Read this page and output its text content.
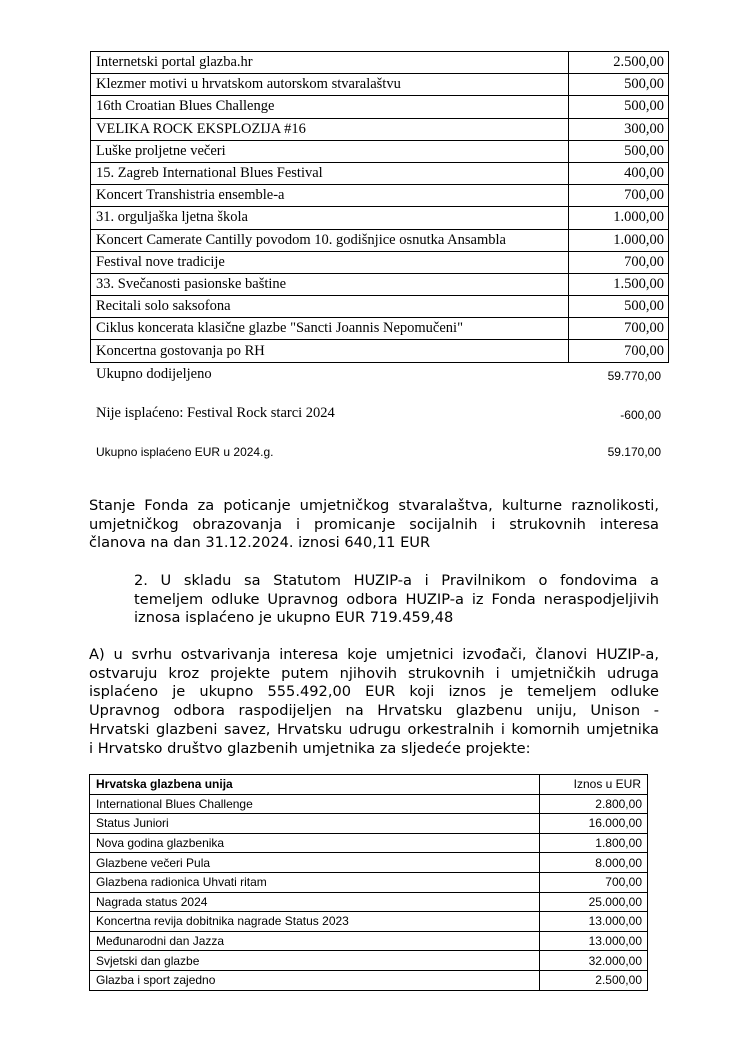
Internetski portal glazba.hr	2.500,00
Klezmer motivi u hrvatskom autorskom stvaralaštvu	500,00
16th Croatian Blues Challenge	500,00
VELIKA ROCK EKSPLOZIJA #16	300,00
Luške proljetne večeri	500,00
15. Zagreb International Blues Festival	400,00
Koncert Transhistria ensemble-a	700,00
31. orguljaška ljetna škola	1.000,00
Koncert Camerate Cantilly povodom 10. godišnjice osnutka Ansambla	1.000,00
Festival nove tradicije	700,00
33. Svečanosti pasionske baštine	1.500,00
Recitali solo saksofona	500,00
Ciklus koncerata klasične glazbe "Sancti Joannis Nepomučeni"	700,00
Koncertna gostovanja po RH	700,00
Ukupno dodijeljeno	59.770,00
Nije isplaćeno: Festival Rock starci 2024	-600,00
Ukupno isplaćeno EUR u 2024.g.	59.170,00
Stanje Fonda za poticanje umjetničkog stvaralaštva, kulturne raznolikosti,
umjetničkog obrazovanja i promicanje socijalnih i strukovnih interesa
članova na dan 31.12.2024. iznosi 640,11 EUR
2. U skladu sa Statutom HUZIP-a i Pravilnikom o fondovima a
temeljem odluke Upravnog odbora HUZIP-a iz Fonda neraspodjeljivih
iznosa isplaćeno je ukupno EUR 719.459,48
A) u svrhu ostvarivanja interesa koje umjetnici izvođači, članovi HUZIP-a,
ostvaruju kroz projekte putem njihovih strukovnih i umjetničkih udruga
isplaćeno je ukupno 555.492,00 EUR koji iznos je temeljem odluke
Upravnog odbora raspodijeljen na Hrvatsku glazbenu uniju, Unison -
Hrvatski glazbeni savez, Hrvatsku udrugu orkestralnih i komornih umjetnika
i Hrvatsko društvo glazbenih umjetnika za sljedeće projekte:
Hrvatska glazbena unija	Iznos u EUR
International Blues Challenge	2.800,00
Status Juniori	16.000,00
Nova godina glazbenika	1.800,00
Glazbene večeri Pula	8.000,00
Glazbena radionica Uhvati ritam	700,00
Nagrada status 2024	25.000,00
Koncertna revija dobitnika nagrade Status 2023	13.000,00
Međunarodni dan Jazza	13.000,00
Svjetski dan glazbe	32.000,00
Glazba i sport zajedno	2.500,00
